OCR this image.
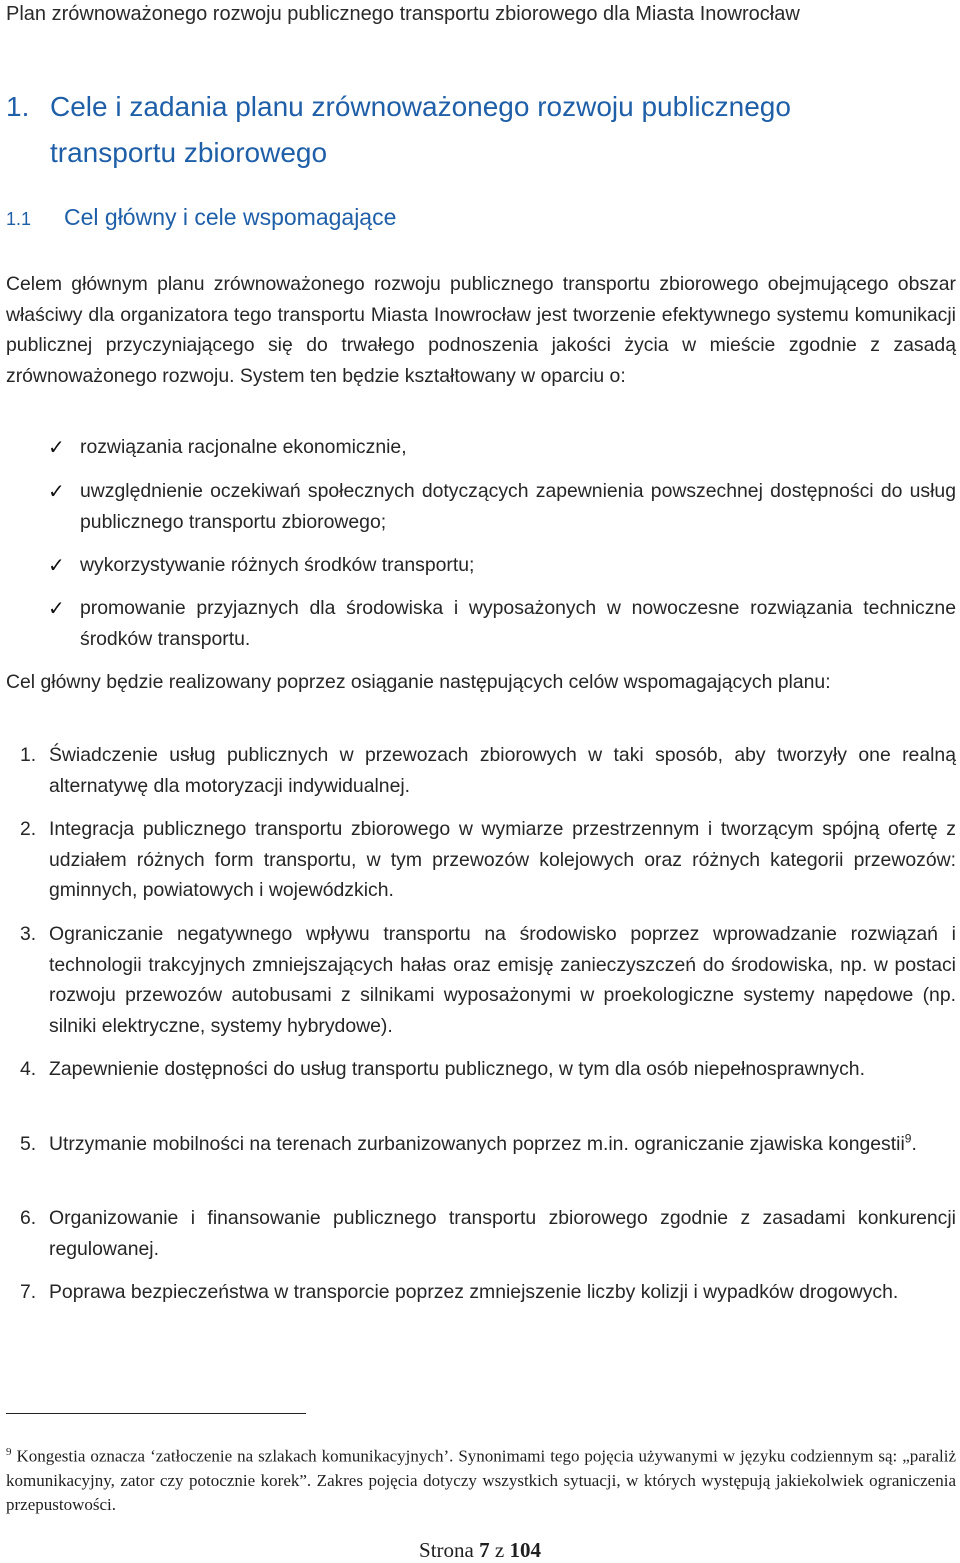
Plan zrównoważonego rozwoju publicznego transportu zbiorowego dla Miasta Inowrocław
1. Cele i zadania planu zrównoważonego rozwoju publicznego
transportu zbiorowego
1.1 Cel główny i cele wspomagające
Celem głównym planu zrównoważonego rozwoju publicznego transportu zbiorowego obejmującego obszar właściwy dla organizatora tego transportu Miasta Inowrocław jest tworzenie efektywnego systemu komunikacji publicznej przyczyniającego się do trwałego podnoszenia jakości życia w mieście zgodnie z zasadą zrównoważonego rozwoju. System ten będzie kształtowany w oparciu o:
✓ rozwiązania racjonalne ekonomicznie,
✓ uwzględnienie oczekiwań społecznych dotyczących zapewnienia powszechnej dostępności do usług publicznego transportu zbiorowego;
✓ wykorzystywanie różnych środków transportu;
✓ promowanie przyjaznych dla środowiska i wyposażonych w nowoczesne rozwiązania techniczne środków transportu.
Cel główny będzie realizowany poprzez osiąganie następujących celów wspomagających planu:
1. Świadczenie usług publicznych w przewozach zbiorowych w taki sposób, aby tworzyły one realną alternatywę dla motoryzacji indywidualnej.
2. Integracja publicznego transportu zbiorowego w wymiarze przestrzennym i tworzącym spójną ofertę z udziałem różnych form transportu, w tym przewozów kolejowych oraz różnych kategorii przewozów: gminnych, powiatowych i wojewódzkich.
3. Ograniczanie negatywnego wpływu transportu na środowisko poprzez wprowadzanie rozwiązań i technologii trakcyjnych zmniejszających hałas oraz emisję zanieczyszczeń do środowiska, np. w postaci rozwoju przewozów autobusami z silnikami wyposażonymi w proekologiczne systemy napędowe (np. silniki elektryczne, systemy hybrydowe).
4. Zapewnienie dostępności do usług transportu publicznego, w tym dla osób niepełnosprawnych.
5. Utrzymanie mobilności na terenach zurbanizowanych poprzez m.in. ograniczanie zjawiska kongestii$^9$.
6. Organizowanie i finansowanie publicznego transportu zbiorowego zgodnie z zasadami konkurencji regulowanej.
7. Poprawa bezpieczeństwa w transporcie poprzez zmniejszenie liczby kolizji i wypadków drogowych.
$^9$ Kongestia oznacza ‘zatłoczenie na szlakach komunikacyjnych’. Synonimami tego pojęcia używanymi w języku codziennym są: „paraliż komunikacyjny, zator czy potocznie korek”. Zakres pojęcia dotyczy wszystkich sytuacji, w których występują jakiekolwiek ograniczenia przepustowości.
Strona 7 z 104
